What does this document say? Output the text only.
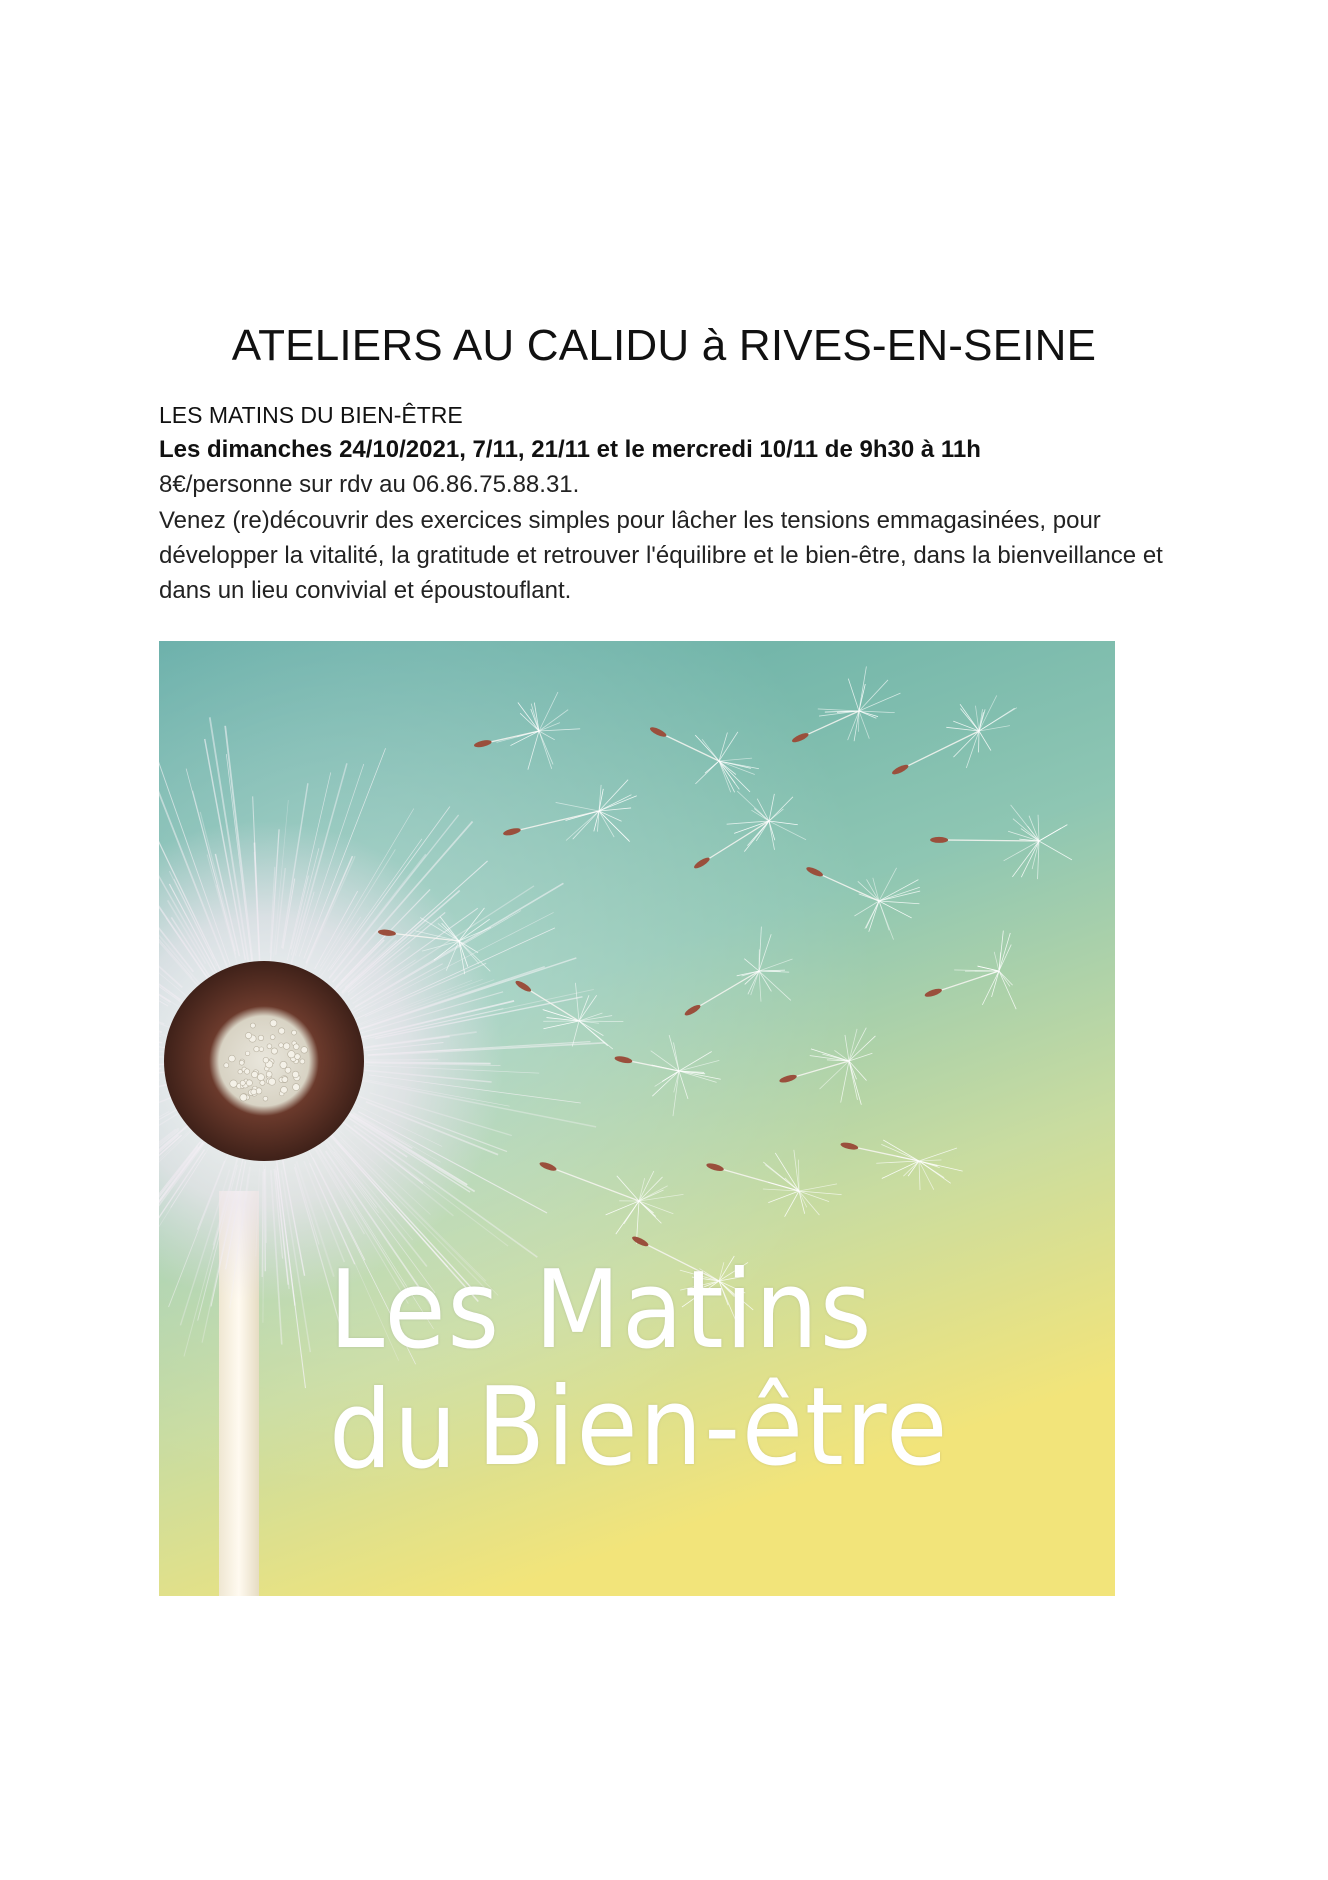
ATELIERS AU CALIDU à RIVES-EN-SEINE
LES MATINS DU BIEN-ÊTRE
Les dimanches 24/10/2021, 7/11, 21/11 et le mercredi 10/11 de 9h30 à 11h
8€/personne sur rdv au 06.86.75.88.31.
Venez (re)découvrir des exercices simples pour lâcher les tensions emmagasinées, pour développer la vitalité, la gratitude et retrouver l'équilibre et le bien-être, dans la bienveillance et dans un lieu convivial et époustouflant.
Les Matins du Bien-être
